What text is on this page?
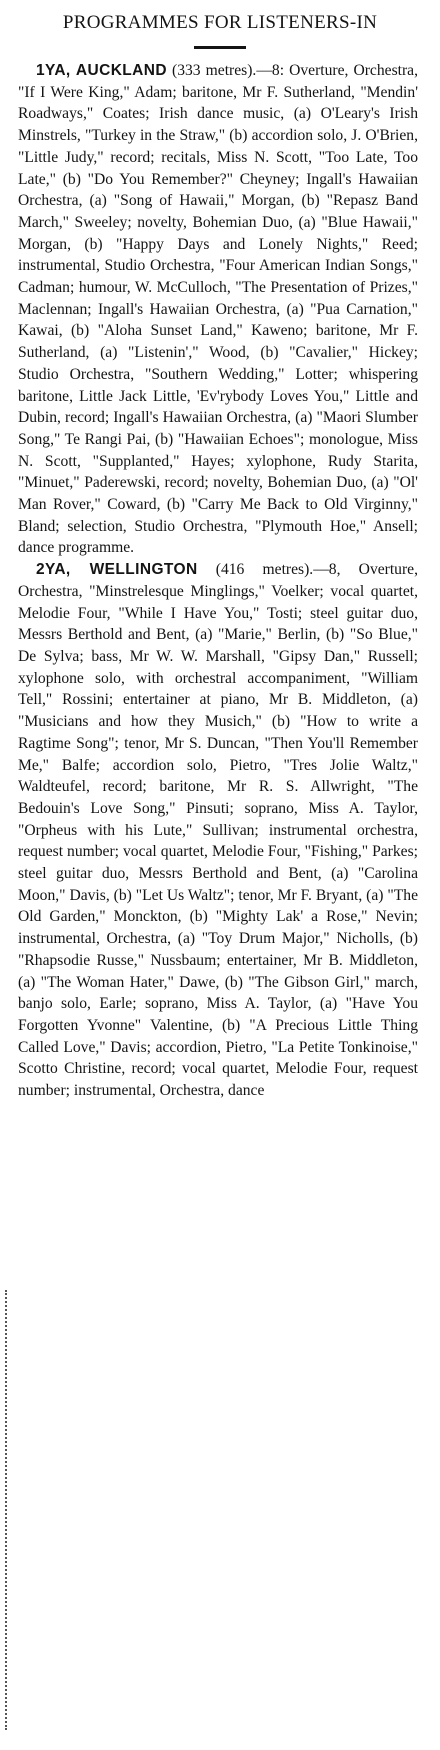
PROGRAMMES FOR LISTENERS-IN

1YA, AUCKLAND (333 metres).—8: Overture, Orchestra, "If I Were King," Adam; baritone, Mr F. Sutherland, "Mendin' Roadways," Coates; Irish dance music, (a) O'Leary's Irish Minstrels, "Turkey in the Straw," (b) accordion solo, J. O'Brien, "Little Judy," record; recitals, Miss N. Scott, "Too Late, Too Late," (b) "Do You Remember?" Cheyney; Ingall's Hawaiian Orchestra, (a) "Song of Hawaii," Morgan, (b) "Repasz Band March," Sweeley; novelty, Bohemian Duo, (a) "Blue Hawaii," Morgan, (b) "Happy Days and Lonely Nights," Reed; instrumental, Studio Orchestra, "Four American Indian Songs," Cadman; humour, W. McCulloch, "The Presentation of Prizes," Maclennan; Ingall's Hawaiian Orchestra, (a) "Pua Carnation," Kawai, (b) "Aloha Sunset Land," Kaweno; baritone, Mr F. Sutherland, (a) "Listenin'," Wood, (b) "Cavalier," Hickey; Studio Orchestra, "Southern Wedding," Lotter; whispering baritone, Little Jack Little, 'Ev'rybody Loves You," Little and Dubin, record; Ingall's Hawaiian Orchestra, (a) "Maori Slumber Song," Te Rangi Pai, (b) "Hawaiian Echoes"; monologue, Miss N. Scott, "Supplanted," Hayes; xylophone, Rudy Starita, "Minuet," Paderewski, record; novelty, Bohemian Duo, (a) "Ol' Man Rover," Coward, (b) "Carry Me Back to Old Virginny," Bland; selection, Studio Orchestra, "Plymouth Hoe," Ansell; dance programme.

2YA, WELLINGTON (416 metres).—8, Overture, Orchestra, "Minstrelesque Minglings," Voelker; vocal quartet, Melodie Four, "While I Have You," Tosti; steel guitar duo, Messrs Berthold and Bent, (a) "Marie," Berlin, (b) "So Blue," De Sylva; bass, Mr W. W. Marshall, "Gipsy Dan," Russell; xylophone solo, with orchestral accompaniment, "William Tell," Rossini; entertainer at piano, Mr B. Middleton, (a) "Musicians and how they Musich," (b) "How to write a Ragtime Song"; tenor, Mr S. Duncan, "Then You'll Remember Me," Balfe; accordion solo, Pietro, "Tres Jolie Waltz," Waldteufel, record; baritone, Mr R. S. Allwright, "The Bedouin's Love Song," Pinsuti; soprano, Miss A. Taylor, "Orpheus with his Lute," Sullivan; instrumental orchestra, request number; vocal quartet, Melodie Four, "Fishing," Parkes; steel guitar duo, Messrs Berthold and Bent, (a) "Carolina Moon," Davis, (b) "Let Us Waltz"; tenor, Mr F. Bryant, (a) "The Old Garden," Monckton, (b) "Mighty Lak' a Rose," Nevin; instrumental, Orchestra, (a) "Toy Drum Major," Nicholls, (b) "Rhapsodie Russe," Nussbaum; entertainer, Mr B. Middleton, (a) "The Woman Hater," Dawe, (b) "The Gibson Girl," march, banjo solo, Earle; soprano, Miss A. Taylor, (a) "Have You Forgotten Yvonne" Valentine, (b) "A Precious Little Thing Called Love," Davis; accordion, Pietro, "La Petite Tonkinoise," Scotto Christine, record; vocal quartet, Melodie Four, request number; instrumental, Orchestra, dance
